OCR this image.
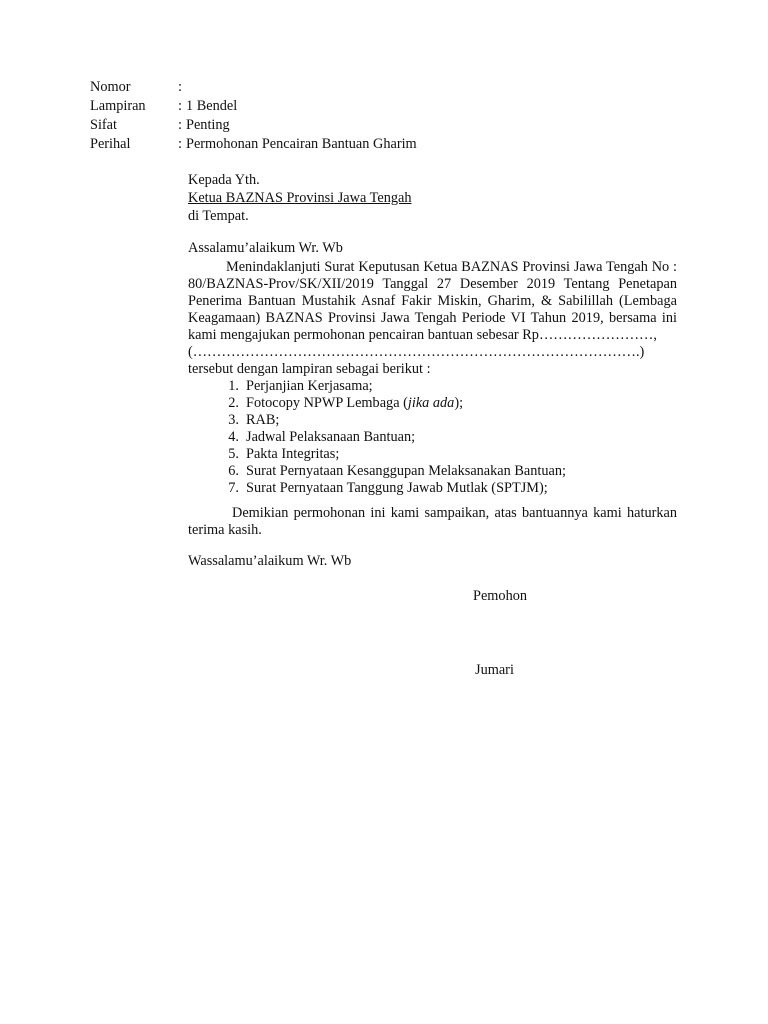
Nomor	:
Lampiran	: 1 Bendel
Sifat	: Penting
Perihal	: Permohonan Pencairan Bantuan Gharim
Kepada Yth.
Ketua BAZNAS Provinsi Jawa Tengah
di Tempat.
Assalamu’alaikum Wr. Wb
Menindaklanjuti Surat Keputusan Ketua BAZNAS Provinsi Jawa Tengah No : 80/BAZNAS-Prov/SK/XII/2019 Tanggal 27 Desember 2019 Tentang Penetapan Penerima Bantuan Mustahik Asnaf Fakir Miskin, Gharim, & Sabilillah (Lembaga Keagamaan) BAZNAS Provinsi Jawa Tengah Periode VI Tahun 2019, bersama ini kami mengajukan permohonan pencairan bantuan sebesar Rp……………………,
(………………………………………………………………………………….)
tersebut dengan lampiran sebagai berikut :
1. Perjanjian Kerjasama;
2. Fotocopy NPWP Lembaga (jika ada);
3. RAB;
4. Jadwal Pelaksanaan Bantuan;
5. Pakta Integritas;
6. Surat Pernyataan Kesanggupan Melaksanakan Bantuan;
7. Surat Pernyataan Tanggung Jawab Mutlak (SPTJM);
Demikian permohonan ini kami sampaikan, atas bantuannya kami haturkan terima kasih.
Wassalamu’alaikum Wr. Wb
Pemohon
Jumari
